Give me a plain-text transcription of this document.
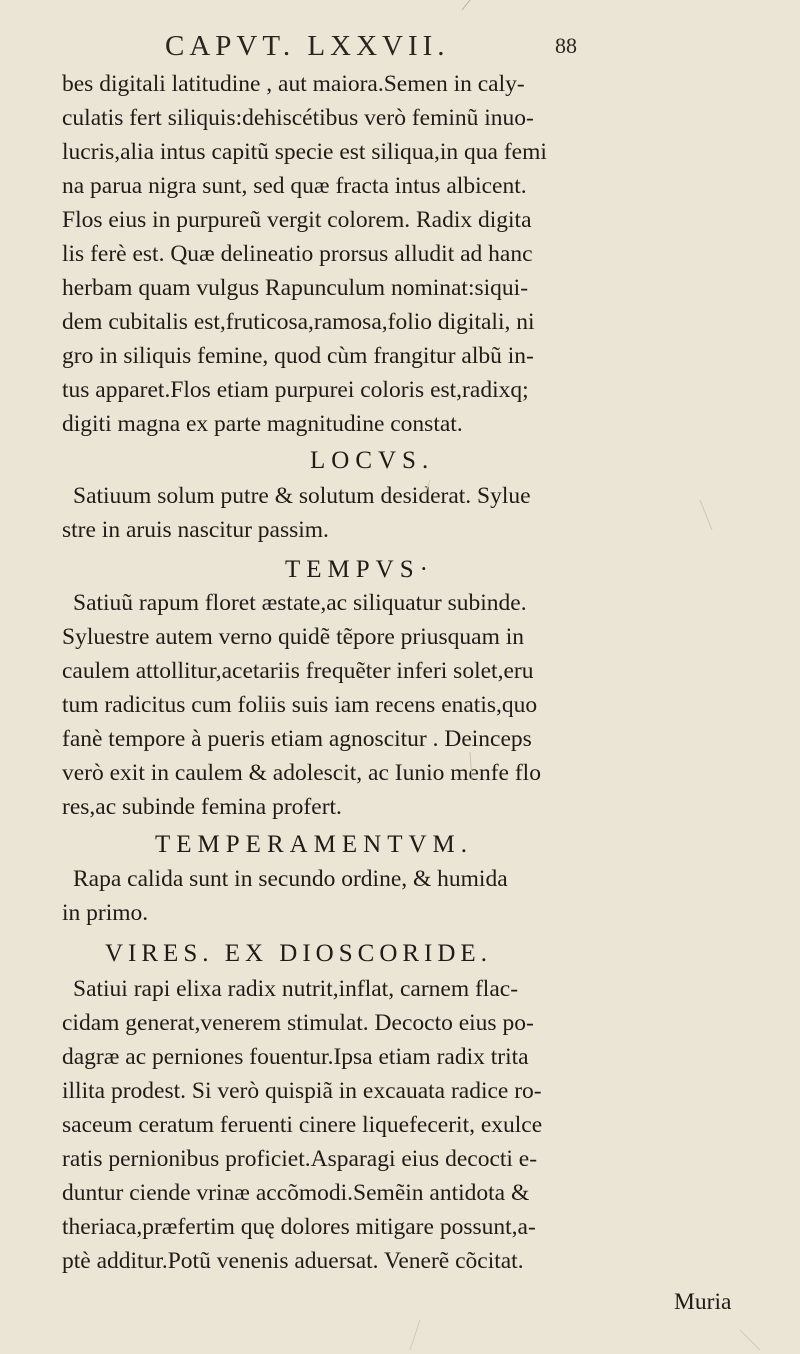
CAPVT. LXXVII.	88
bes digitali latitudine , aut maiora.Semen in caly-
culatis fert siliquis:dehiscétibus verò feminũ inuo-
lucris,alia intus capitũ specie est siliqua,in qua femi
na parua nigra sunt, sed quæ fracta intus albicent.
Flos eius in purpureũ vergit colorem. Radix digita
lis ferè est. Quæ delineatio prorsus alludit ad hanc
herbam quam vulgus Rapunculum nominat:siqui-
dem cubitalis est,fruticosa,ramosa,folio digitali, ni
gro in siliquis femine, quod cùm frangitur albũ in-
tus apparet.Flos etiam purpurei coloris est,radixq;
digiti magna ex parte magnitudine constat.
LOCVS.
Satiuum solum putre & solutum desiderat. Sylue
stre in aruis nascitur passim.
TEMPVS·
Satiuũ rapum floret æstate,ac siliquatur subinde.
Syluestre autem verno quidẽ tẽpore priusquam in
caulem attollitur,acetariis frequẽter inferi solet,eru
tum radicitus cum foliis suis iam recens enatis,quo
fanè tempore à pueris etiam agnoscitur . Deinceps
verò exit in caulem & adolescit, ac Iunio menfe flo
res,ac subinde femina profert.
TEMPERAMENTVM.
Rapa calida sunt in secundo ordine, & humida
in primo.
VIRES. EX DIOSCORIDE.
Satiui rapi elixa radix nutrit,inflat, carnem flac-
cidam generat,venerem stimulat. Decocto eius po-
dagræ ac perniones fouentur.Ipsa etiam radix trita
illita prodest. Si verò quispiã in excauata radice ro-
saceum ceratum feruenti cinere liquefecerit, exulce
ratis pernionibus proficiet.Asparagi eius decocti e-
duntur ciende vrinæ accõmodi.Semẽin antidota &
theriaca,præfertim quę dolores mitigare possunt,a-
ptè additur.Potũ venenis aduersat. Venerẽ cõcitat.
Muria
